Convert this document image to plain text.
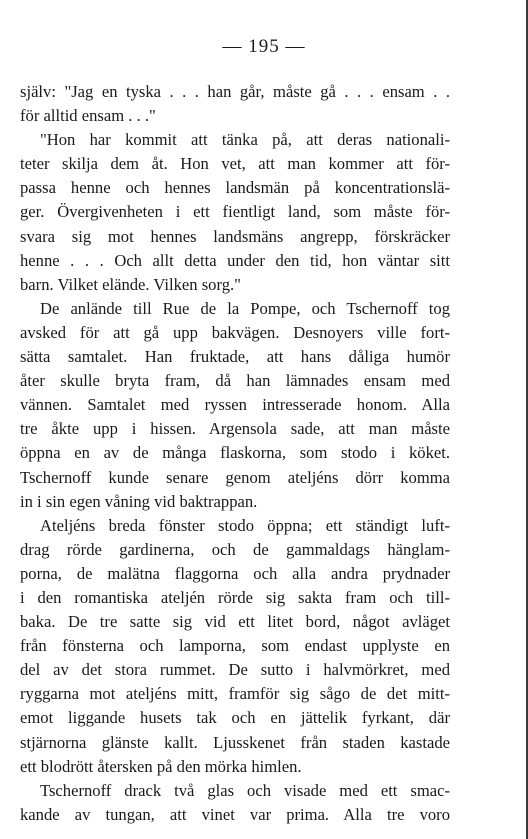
— 195 —
själv: "Jag en tyska . . . han går, måste gå . . . ensam . .
för alltid ensam . . ."
"Hon har kommit att tänka på, att deras nationali-
teter skilja dem åt. Hon vet, att man kommer att för-
passa henne och hennes landsmän på koncentrationslä-
ger. Övergivenheten i ett fientligt land, som måste för-
svara sig mot hennes landsmäns angrepp, förskräcker
henne . . . Och allt detta under den tid, hon väntar sitt
barn. Vilket elände. Vilken sorg."
De anlände till Rue de la Pompe, och Tschernoff tog
avsked för att gå upp bakvägen. Desnoyers ville fort-
sätta samtalet. Han fruktade, att hans dåliga humör
åter skulle bryta fram, då han lämnades ensam med
vännen. Samtalet med ryssen intresserade honom. Alla
tre åkte upp i hissen. Argensola sade, att man måste
öppna en av de många flaskorna, som stodo i köket.
Tschernoff kunde senare genom ateljéns dörr komma
in i sin egen våning vid baktrappan.
Ateljéns breda fönster stodo öppna; ett ständigt luft-
drag rörde gardinerna, och de gammaldags hänglam-
porna, de malätna flaggorna och alla andra prydnader
i den romantiska ateljén rörde sig sakta fram och till-
baka. De tre satte sig vid ett litet bord, något avläget
från fönsterna och lamporna, som endast upplyste en
del av det stora rummet. De sutto i halvmörkret, med
ryggarna mot ateljéns mitt, framför sig sågo de det mitt-
emot liggande husets tak och en jättelik fyrkant, där
stjärnorna glänste kallt. Ljusskenet från staden kastade
ett blodrött återsken på den mörka himlen.
Tschernoff drack två glas och visade med ett smac-
kande av tungan, att vinet var prima. Alla tre voro
